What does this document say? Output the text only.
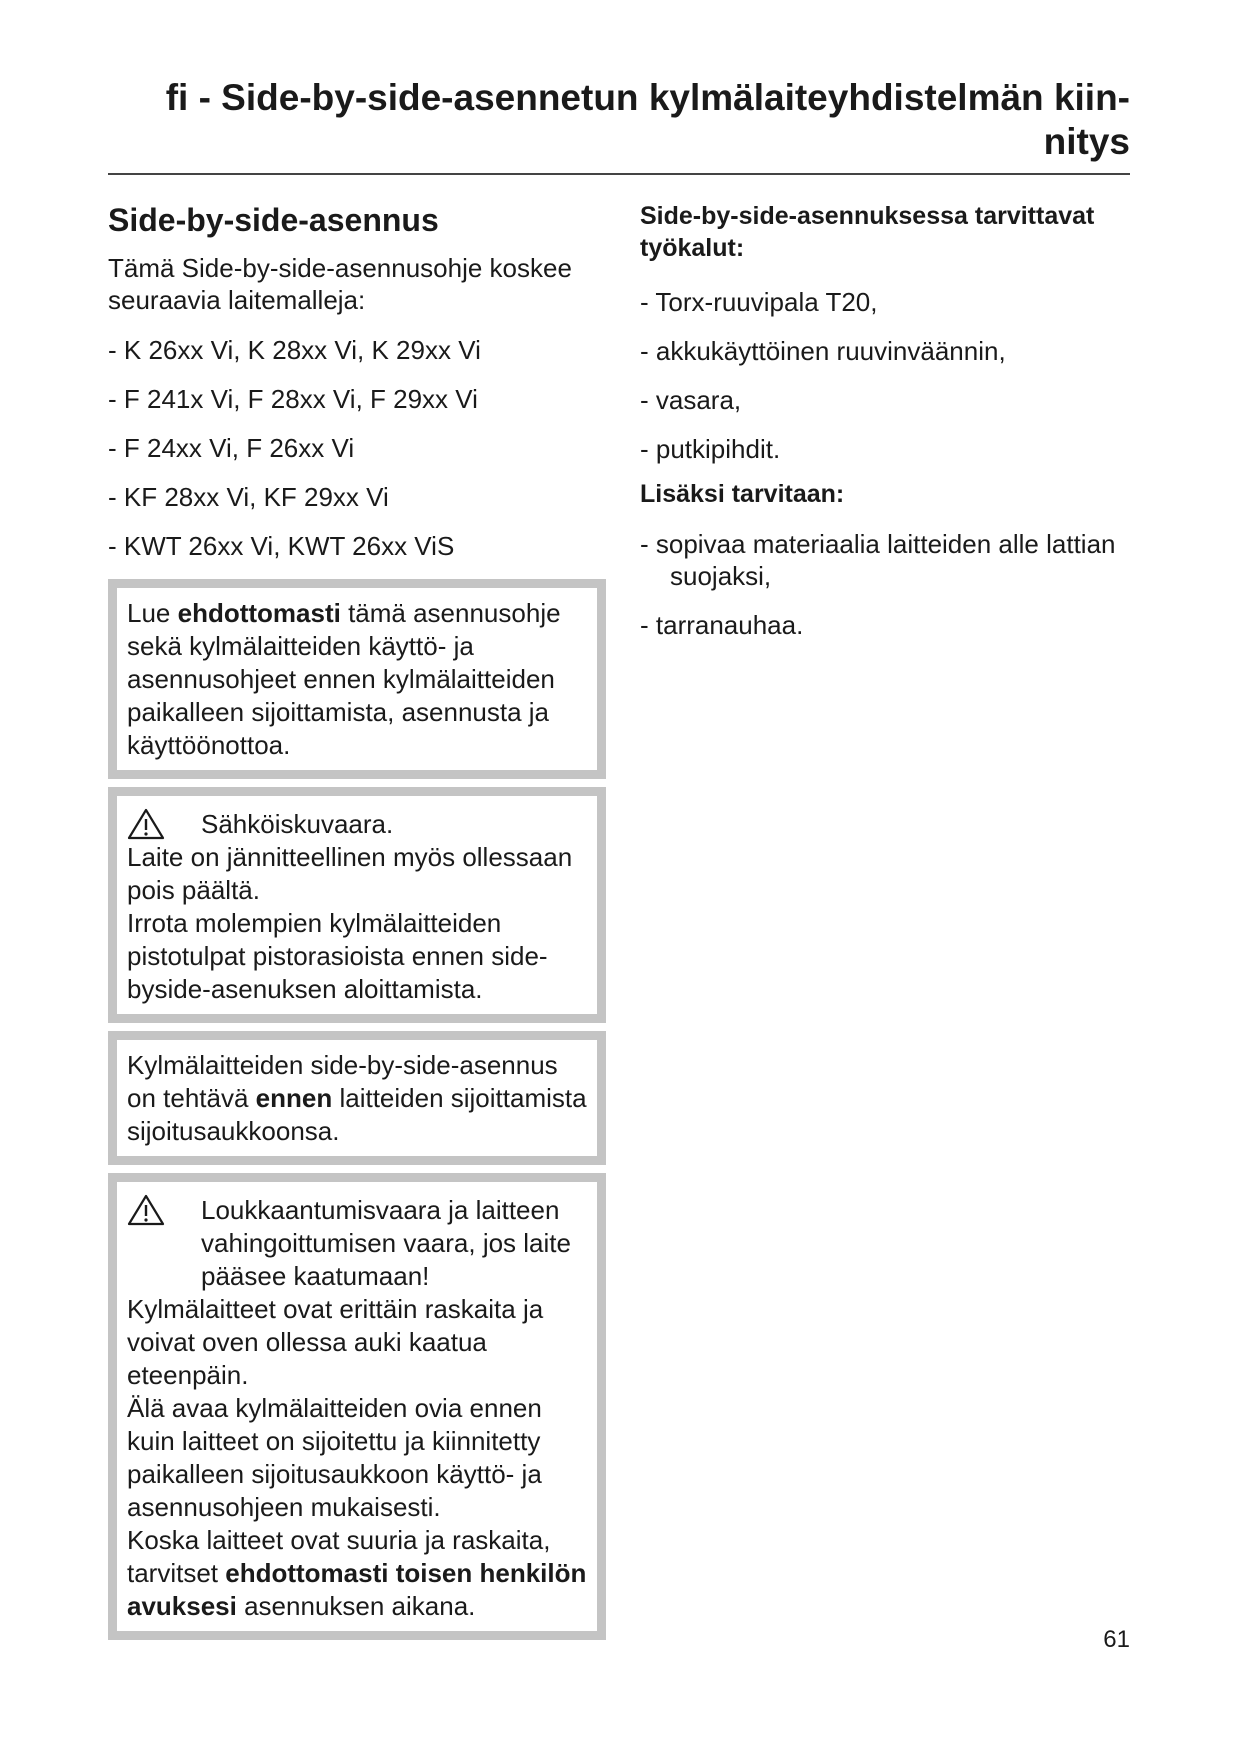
fi - Side-by-side-asennetun kylmälaiteyhdistelmän kiin-
nitys
Side-by-side-asennus

Tämä Side-by-side-asennusohje koskee seuraavia laitemalleja:

- K 26xx Vi, K 28xx Vi, K 29xx Vi
- F 241x Vi, F 28xx Vi, F 29xx Vi
- F 24xx Vi, F 26xx Vi
- KF 28xx Vi, KF 29xx Vi
- KWT 26xx Vi, KWT 26xx ViS

Lue ehdottomasti tämä asennusohje sekä kylmälaitteiden käyttö- ja asennusohjeet ennen kylmälaitteiden paikalleen sijoittamista, asennusta ja käyttöönottoa.

Sähköiskuvaara.

Laite on jännitteellinen myös ollessaan pois päältä.

Irrota molempien kylmälaitteiden pistotulpat pistorasioista ennen side-byside-asenuksen aloittamista.

Kylmälaitteiden side-by-side-asennus on tehtävä ennen laitteiden sijoittamista sijoitusaukkoonsa.

Loukkaantumisvaara ja laitteen vahingoittumisen vaara, jos laite pääsee kaatumaan!

Kylmälaitteet ovat erittäin raskaita ja voivat oven ollessa auki kaatua eteenpäin.

Älä avaa kylmälaitteiden ovia ennen kuin laitteet on sijoitettu ja kiinnitetty paikalleen sijoitusaukkoon käyttö- ja asennusohjeen mukaisesti.

Koska laitteet ovat suuria ja raskaita, tarvitset ehdottomasti toisen henkilön avuksesi asennuksen aikana.

Side-by-side-asennuksessa tarvittavat työkalut:

- Torx-ruuvipala T20,
- akkukäyttöinen ruuvinväännin,
- vasara,
- putkipihdit.

Lisäksi tarvitaan:

- sopivaa materiaalia laitteiden alle lattian suojaksi,
- tarranauhaa.
61
